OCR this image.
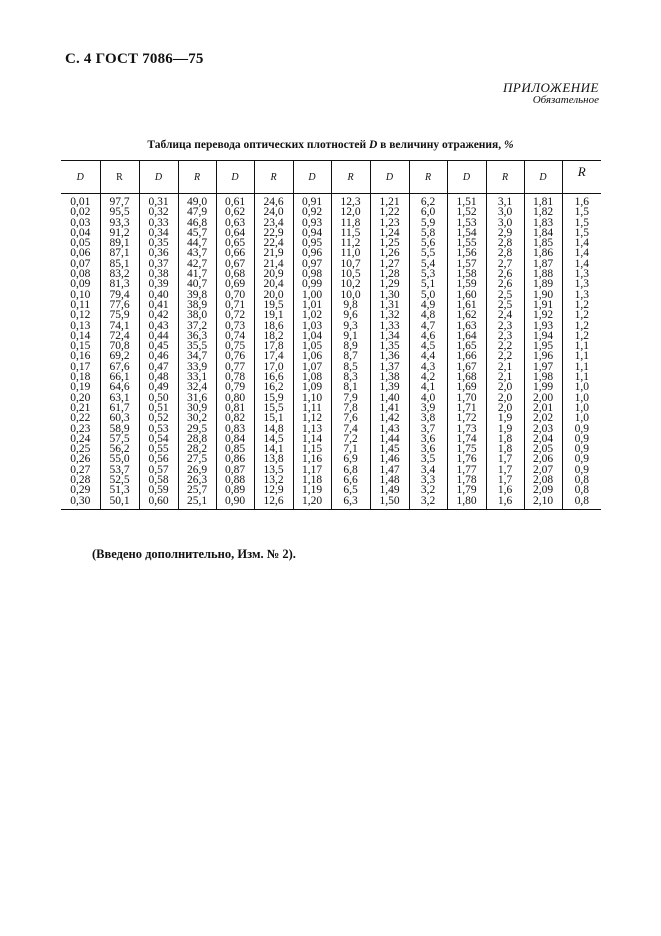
С. 4 ГОСТ 7086—75
ПРИЛОЖЕНИЕ
Обязательное
Таблица перевода оптических плотностей D в величину отражения, %
D	R	D	R	D	R	D	R	D	R	D	R	D	R
0,01	97,7	0,31	49,0	0,61	24,6	0,91	12,3	1,21	6,2	1,51	3,1	1,81	1,6
0,02	95,5	0,32	47,9	0,62	24,0	0,92	12,0	1,22	6,0	1,52	3,0	1,82	1,5
0,03	93,3	0,33	46,8	0,63	23,4	0,93	11,8	1,23	5,9	1,53	3,0	1,83	1,5
0,04	91,2	0,34	45,7	0,64	22,9	0,94	11,5	1,24	5,8	1,54	2,9	1,84	1,5
0,05	89,1	0,35	44,7	0,65	22,4	0,95	11,2	1,25	5,6	1,55	2,8	1,85	1,4
0,06	87,1	0,36	43,7	0,66	21,9	0,96	11,0	1,26	5,5	1,56	2,8	1,86	1,4
0,07	85,1	0,37	42,7	0,67	21,4	0,97	10,7	1,27	5,4	1,57	2,7	1,87	1,4
0,08	83,2	0,38	41,7	0,68	20,9	0,98	10,5	1,28	5,3	1,58	2,6	1,88	1,3
0,09	81,3	0,39	40,7	0,69	20,4	0,99	10,2	1,29	5,1	1,59	2,6	1,89	1,3
0,10	79,4	0,40	39,8	0,70	20,0	1,00	10,0	1,30	5,0	1,60	2,5	1,90	1,3
0,11	77,6	0,41	38,9	0,71	19,5	1,01	9,8	1,31	4,9	1,61	2,5	1,91	1,2
0,12	75,9	0,42	38,0	0,72	19,1	1,02	9,6	1,32	4,8	1,62	2,4	1,92	1,2
0,13	74,1	0,43	37,2	0,73	18,6	1,03	9,3	1,33	4,7	1,63	2,3	1,93	1,2
0,14	72,4	0,44	36,3	0,74	18,2	1,04	9,1	1,34	4,6	1,64	2,3	1,94	1,2
0,15	70,8	0,45	35,5	0,75	17,8	1,05	8,9	1,35	4,5	1,65	2,2	1,95	1,1
0,16	69,2	0,46	34,7	0,76	17,4	1,06	8,7	1,36	4,4	1,66	2,2	1,96	1,1
0,17	67,6	0,47	33,9	0,77	17,0	1,07	8,5	1,37	4,3	1,67	2,1	1,97	1,1
0,18	66,1	0,48	33,1	0,78	16,6	1,08	8,3	1,38	4,2	1,68	2,1	1,98	1,1
0,19	64,6	0,49	32,4	0,79	16,2	1,09	8,1	1,39	4,1	1,69	2,0	1,99	1,0
0,20	63,1	0,50	31,6	0,80	15,9	1,10	7,9	1,40	4,0	1,70	2,0	2,00	1,0
0,21	61,7	0,51	30,9	0,81	15,5	1,11	7,8	1,41	3,9	1,71	2,0	2,01	1,0
0,22	60,3	0,52	30,2	0,82	15,1	1,12	7,6	1,42	3,8	1,72	1,9	2,02	1,0
0,23	58,9	0,53	29,5	0,83	14,8	1,13	7,4	1,43	3,7	1,73	1,9	2,03	0,9
0,24	57,5	0,54	28,8	0,84	14,5	1,14	7,2	1,44	3,6	1,74	1,8	2,04	0,9
0,25	56,2	0,55	28,2	0,85	14,1	1,15	7,1	1,45	3,6	1,75	1,8	2,05	0,9
0,26	55,0	0,56	27,5	0,86	13,8	1,16	6,9	1,46	3,5	1,76	1,7	2,06	0,9
0,27	53,7	0,57	26,9	0,87	13,5	1,17	6,8	1,47	3,4	1,77	1,7	2,07	0,9
0,28	52,5	0,58	26,3	0,88	13,2	1,18	6,6	1,48	3,3	1,78	1,7	2,08	0,8
0,29	51,3	0,59	25,7	0,89	12,9	1,19	6,5	1,49	3,2	1,79	1,6	2,09	0,8
0,30	50,1	0,60	25,1	0,90	12,6	1,20	6,3	1,50	3,2	1,80	1,6	2,10	0,8
(Введено дополнительно, Изм. № 2).
